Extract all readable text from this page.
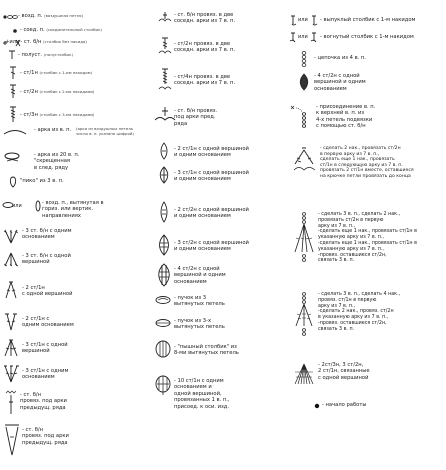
- возд. п. (воздушная петля)
- соед. п. (соединительный столбик)
+или- ст. б/н (столбик без накида)
- полуст. (полустолбик)
- ст/1н (столбик с 1-им накидом)
- ст/2н (столбик с 2-мя накидами)
- ст/3н (столбик с 3-мя накидами)
- арка из в. п. (арка из воздушных петель
число в. п. указано цифрой)
- арка из 20 в. п.
"скрещенная
в след. ряду
"пико" из 3 в. п.
или	- возд. п., вытянутая в
гориз. или вертик.
направлениях
- 3 ст. б/н с одним
основанием
- 3 ст. б/н с одной
вершиной
- 2 ст/1н
с одной вершиной
- 2 ст/1н с
одним основанием
- 3 ст/1н с одной
вершиной
- 3 ст/1н с одним
основанием
- ст. б/н
провяз. под арки
предыдущ. ряда
- ст. б/н
провяз. под арки
предыдущ. ряда
- ст. б/н провяз. в две
соседн. арки из 7 в. п.
- ст/2н провяз. в две
соседн. арки из 7 в. п.
- ст/4н провяз. в две
соседн. арки из 7 в. п.
- ст. б/н провяз.
под арки пред.
ряда
- 2 ст/1н с одной вершиной
и одним основанием
- 3 ст/1н с одной вершиной
и одним основанием
- 2 ст/2н с одной вершиной
и одним основанием
- 3 ст/2н с одной вершиной
и одним основанием
- 4 ст/2н с одной
вершиной и одним
основанием
- пучок из 3
вытянутых петель
- пучок из 3-х
вытянутых петель
- "пышный столбик" из
8-ми вытянутых петель
- 10 ст/1н с одним
основанием и
одной вершиной,
провязанных 1 в. п.,
присоед. к оси. изд.
или - выпуклый столбик с 1-м накидом
или - вогнутый столбик с 1-м накидом
- цепочка из 4 в. п.
- 4 ст/2н с одной
вершиной и одним
основанием
- присоединение в. п.
к верхней в. п. из
4-х петель подвязки
с помощью ст. б/н
- сделать 2 нак., провязать ст/2н
в первую арку из 7 в. п.,
сделать еще 1 нак., провязать
ст/1н в следующую арку из 7 в. п.
провязать 2 ст/1н вместе, оставшиеся
на крючке петли провязать до конца
- сделать 3 в. п., сделать 2 нак.,
провязать ст/2н в первую
арку из 7 в. п.,
-сделать еще 1 нак., провязать ст/1н в
указанную арку из 7 в. п.,
-сделать еще 1 нак., провязать ст/1н в
указанную арку из 7 в. п.,
-провяз. оставшиеся ст/2н,
связать 3 в. п.
- сделать 3 в. п., сделать 4 нак.,
провяз. ст/1н в первую
арку из 7 в. п.,
-сделать 2 нак., провяз. ст/2н
в указанную арку из 7 в. п.,
-провяз. оставшиеся ст/2н,
связать 3 в. п.
- 2ст/3н, 3 ст/2н,
2 ст/1н, связанные
с одной вершиной
- начало работы
